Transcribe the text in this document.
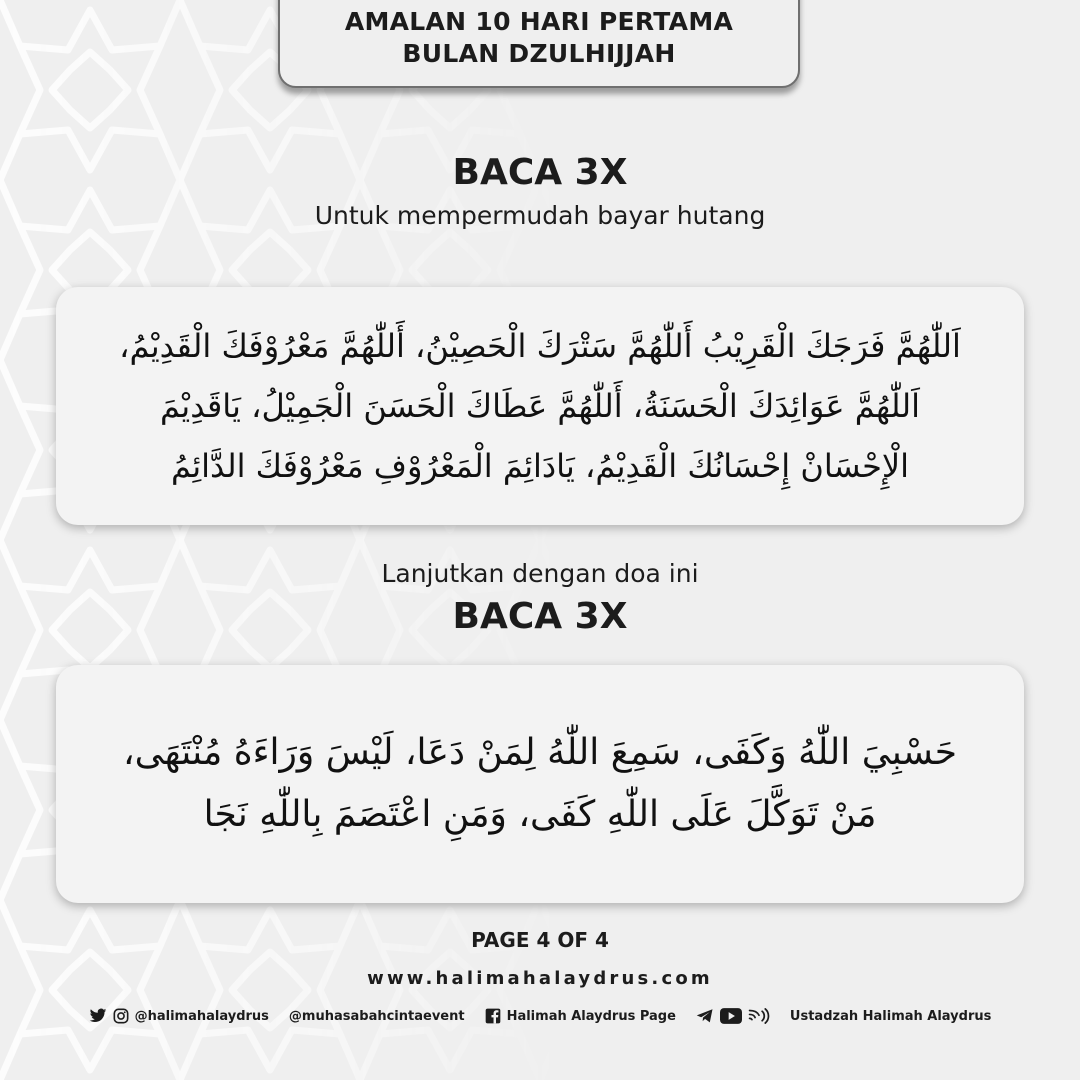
AMALAN 10 HARI PERTAMA
BULAN DZULHIJJAH
BACA 3X
Untuk mempermudah bayar hutang
اَللّٰهُمَّ فَرَجَكَ الْقَرِيْبُ أَللّٰهُمَّ سَتْرَكَ الْحَصِيْنُ، أَللّٰهُمَّ مَعْرُوْفَكَ الْقَدِيْمُ،
اَللّٰهُمَّ عَوَائِدَكَ الْحَسَنَةُ، أَللّٰهُمَّ عَطَاكَ الْحَسَنَ الْجَمِيْلُ، يَاقَدِيْمَ
الْإِحْسَانْ إِحْسَانُكَ الْقَدِيْمُ، يَادَائِمَ الْمَعْرُوْفِ مَعْرُوْفَكَ الدَّائِمُ
Lanjutkan dengan doa ini
BACA 3X
حَسْبِيَ اللّٰهُ وَكَفَى، سَمِعَ اللّٰهُ لِمَنْ دَعَا، لَيْسَ وَرَاءَهُ مُنْتَهَى،
مَنْ تَوَكَّلَ عَلَى اللّٰهِ كَفَى، وَمَنِ اعْتَصَمَ بِاللّٰهِ نَجَا
PAGE 4 OF 4
www.halimahalaydrus.com
@halimahalaydrus @muhasabahcintaevent	Halimah Alaydrus Page	Ustadzah Halimah Alaydrus
